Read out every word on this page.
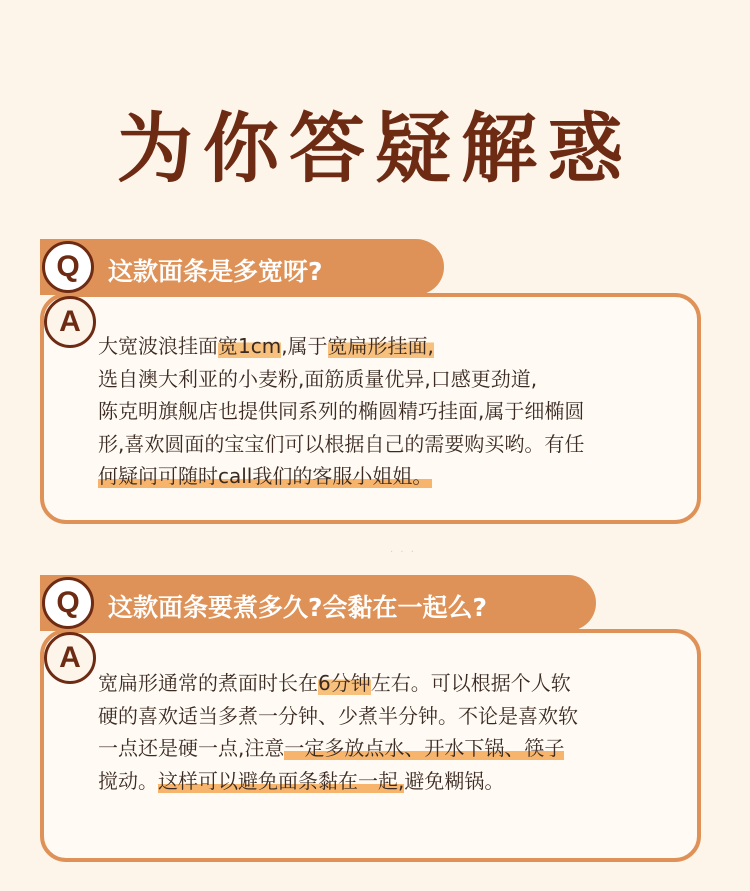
为你答疑解惑
Q	这款面条是多宽呀?
A
大宽波浪挂面宽1cm,属于宽扁形挂面,
选自澳大利亚的小麦粉,面筋质量优异,口感更劲道,
陈克明旗舰店也提供同系列的椭圆精巧挂面,属于细椭圆
形,喜欢圆面的宝宝们可以根据自己的需要购买哟。有任
何疑问可随时call我们的客服小姐姐。
· · ·
Q	这款面条要煮多久?会黏在一起么?
A
宽扁形通常的煮面时长在6分钟左右。可以根据个人软
硬的喜欢适当多煮一分钟、少煮半分钟。不论是喜欢软
一点还是硬一点,注意一定多放点水、开水下锅、筷子
搅动。这样可以避免面条黏在一起,避免糊锅。
